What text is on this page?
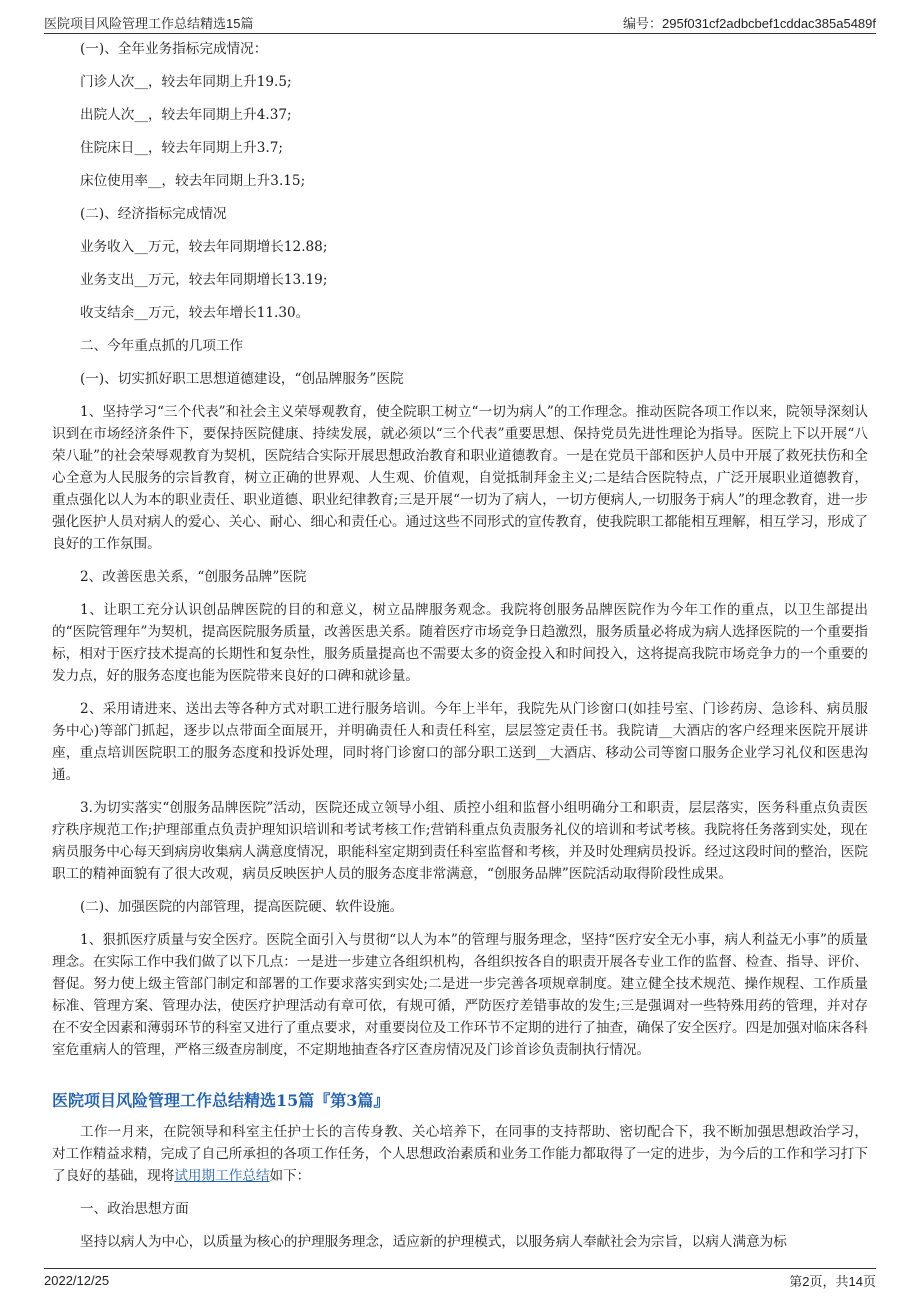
医院项目风险管理工作总结精选15篇	编号：295f031cf2adbcbef1cddac385a5489f

(一)、全年业务指标完成情况：

门诊人次__，较去年同期上升19.5;

出院人次__，较去年同期上升4.37;

住院床日__，较去年同期上升3.7;

床位使用率__，较去年同期上升3.15;

(二)、经济指标完成情况

业务收入__万元，较去年同期增长12.88;

业务支出__万元，较去年同期增长13.19;

收支结余__万元，较去年增长11.30。

二、今年重点抓的几项工作

(一)、切实抓好职工思想道德建设，“创品牌服务”医院

1、坚持学习“三个代表”和社会主义荣辱观教育，使全院职工树立“一切为病人”的工作理念。推动医院各项工作以来，院领导深刻认识到在市场经济条件下，要保持医院健康、持续发展，就必须以“三个代表”重要思想、保持党员先进性理论为指导。医院上下以开展“八荣八耻”的社会荣辱观教育为契机，医院结合实际开展思想政治教育和职业道德教育。一是在党员干部和医护人员中开展了救死扶伤和全心全意为人民服务的宗旨教育，树立正确的世界观、人生观、价值观，自觉抵制拜金主义;二是结合医院特点，广泛开展职业道德教育，重点强化以人为本的职业责任、职业道德、职业纪律教育;三是开展“一切为了病人，一切方便病人,一切服务于病人”的理念教育，进一步强化医护人员对病人的爱心、关心、耐心、细心和责任心。通过这些不同形式的宣传教育，使我院职工都能相互理解，相互学习，形成了良好的工作氛围。

2、改善医患关系，“创服务品牌”医院

1、让职工充分认识创品牌医院的目的和意义，树立品牌服务观念。我院将创服务品牌医院作为今年工作的重点，以卫生部提出的“医院管理年”为契机，提高医院服务质量，改善医患关系。随着医疗市场竞争日趋激烈，服务质量必将成为病人选择医院的一个重要指标，相对于医疗技术提高的长期性和复杂性，服务质量提高也不需要太多的资金投入和时间投入，这将提高我院市场竞争力的一个重要的发力点，好的服务态度也能为医院带来良好的口碑和就诊量。

2、采用请进来、送出去等各种方式对职工进行服务培训。今年上半年，我院先从门诊窗口(如挂号室、门诊药房、急诊科、病员服务中心)等部门抓起，逐步以点带面全面展开，并明确责任人和责任科室，层层签定责任书。我院请__大酒店的客户经理来医院开展讲座，重点培训医院职工的服务态度和投诉处理，同时将门诊窗口的部分职工送到__大酒店、移动公司等窗口服务企业学习礼仪和医患沟通。

3.为切实落实“创服务品牌医院”活动，医院还成立领导小组、质控小组和监督小组明确分工和职责，层层落实，医务科重点负责医疗秩序规范工作;护理部重点负责护理知识培训和考试考核工作;营销科重点负责服务礼仪的培训和考试考核。我院将任务落到实处，现在病员服务中心每天到病房收集病人满意度情况，职能科室定期到责任科室监督和考核，并及时处理病员投诉。经过这段时间的整治，医院职工的精神面貌有了很大改观，病员反映医护人员的服务态度非常满意，“创服务品牌”医院活动取得阶段性成果。

(二)、加强医院的内部管理，提高医院硬、软件设施。

1、狠抓医疗质量与安全医疗。医院全面引入与贯彻“以人为本”的管理与服务理念，坚持“医疗安全无小事，病人利益无小事”的质量理念。在实际工作中我们做了以下几点：一是进一步建立各组织机构，各组织按各自的职责开展各专业工作的监督、检查、指导、评价、督促。努力使上级主管部门制定和部署的工作要求落实到实处;二是进一步完善各项规章制度。建立健全技术规范、操作规程、工作质量标准、管理方案、管理办法，使医疗护理活动有章可依，有规可循，严防医疗差错事故的发生;三是强调对一些特殊用药的管理，并对存在不安全因素和薄弱环节的科室又进行了重点要求，对重要岗位及工作环节不定期的进行了抽查，确保了安全医疗。四是加强对临床各科室危重病人的管理，严格三级查房制度，不定期地抽查各疗区查房情况及门诊首诊负责制执行情况。

医院项目风险管理工作总结精选15篇『第3篇』

工作一月来，在院领导和科室主任护士长的言传身教、关心培养下，在同事的支持帮助、密切配合下，我不断加强思想政治学习，对工作精益求精，完成了自己所承担的各项工作任务，个人思想政治素质和业务工作能力都取得了一定的进步，为今后的工作和学习打下了良好的基础，现将试用期工作总结如下：

一、政治思想方面

坚持以病人为中心，以质量为核心的护理服务理念，适应新的护理模式，以服务病人奉献社会为宗旨，以病人满意为标

2022/12/25	第2页，共14页
